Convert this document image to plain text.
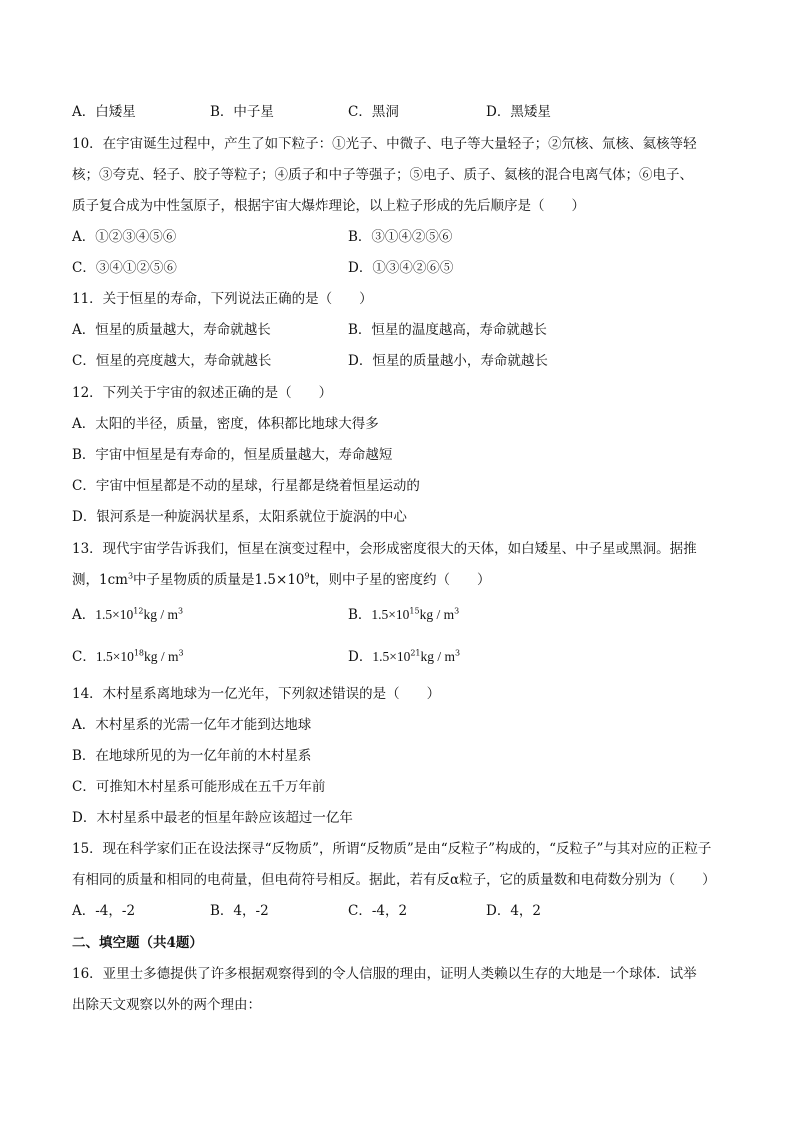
A．白矮星	B．中子星	C．黑洞	D．黑矮星
10．在宇宙诞生过程中，产生了如下粒子：①光子、中微子、电子等大量轻子；②氘核、氚核、氦核等轻
核；③夸克、轻子、胶子等粒子；④质子和中子等强子；⑤电子、质子、氦核的混合电离气体；⑥电子、
质子复合成为中性氢原子，根据宇宙大爆炸理论，以上粒子形成的先后顺序是（　　）
A．①②③④⑤⑥	B．③①④②⑤⑥
C．③④①②⑤⑥	D．①③④②⑥⑤
11．关于恒星的寿命，下列说法正确的是（　　）
A．恒星的质量越大，寿命就越长	B．恒星的温度越高，寿命就越长
C．恒星的亮度越大，寿命就越长	D．恒星的质量越小，寿命就越长
12．下列关于宇宙的叙述正确的是（　　）
A．太阳的半径，质量，密度，体积都比地球大得多
B．宇宙中恒星是有寿命的，恒星质量越大，寿命越短
C．宇宙中恒星都是不动的星球，行星都是绕着恒星运动的
D．银河系是一种旋涡状星系，太阳系就位于旋涡的中心
13．现代宇宙学告诉我们，恒星在演变过程中，会形成密度很大的天体，如白矮星、中子星或黑洞。据推
测，$1cm^3$中子星物质的质量是$1.5\times 10^9t$，则中子星的密度约（　　）
A．$1.5\times 10^{12}kg / m^3$	B．$1.5\times 10^{15}kg / m^3$
C．$1.5\times 10^{18}kg / m^3$	D．$1.5\times 10^{21}kg / m^3$
14．木村星系离地球为一亿光年，下列叙述错误的是（　　）
A．木村星系的光需一亿年才能到达地球
B．在地球所见的为一亿年前的木村星系
C．可推知木村星系可能形成在五千万年前
D．木村星系中最老的恒星年龄应该超过一亿年
15．现在科学家们正在设法探寻“反物质”，所谓“反物质”是由“反粒子”构成的，“反粒子”与其对应的正粒子
有相同的质量和相同的电荷量，但电荷符号相反。据此，若有反α粒子，它的质量数和电荷数分别为（　　）
A．-4，-2	B．4，-2	C．-4，2	D．4，2
二、填空题（共4题）
16．亚里士多德提供了许多根据观察得到的令人信服的理由，证明人类赖以生存的大地是一个球体．试举
出除天文观察以外的两个理由：
